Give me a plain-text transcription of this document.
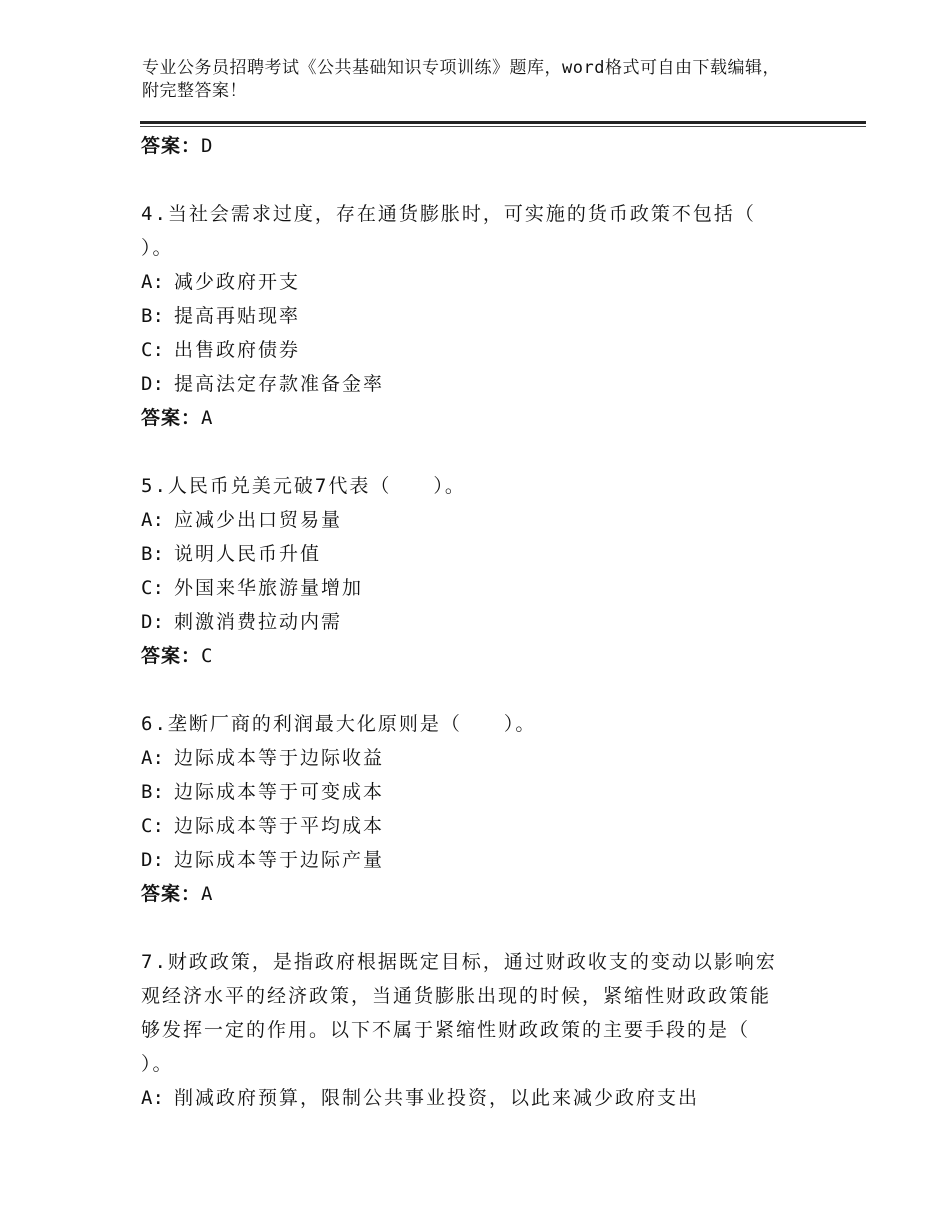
专业公务员招聘考试《公共基础知识专项训练》题库，word格式可自由下载编辑，附完整答案！
答案：D
4.当社会需求过度，存在通货膨胀时，可实施的货币政策不包括（
）。
A: 减少政府开支
B: 提高再贴现率
C: 出售政府债券
D: 提高法定存款准备金率
答案：A
5.人民币兑美元破7代表（　　）。
A: 应减少出口贸易量
B: 说明人民币升值
C: 外国来华旅游量增加
D: 刺激消费拉动内需
答案：C
6.垄断厂商的利润最大化原则是（　　）。
A: 边际成本等于边际收益
B: 边际成本等于可变成本
C: 边际成本等于平均成本
D: 边际成本等于边际产量
答案：A
7.财政政策，是指政府根据既定目标，通过财政收支的变动以影响宏
观经济水平的经济政策，当通货膨胀出现的时候，紧缩性财政政策能
够发挥一定的作用。以下不属于紧缩性财政政策的主要手段的是（
）。
A: 削减政府预算，限制公共事业投资，以此来减少政府支出
